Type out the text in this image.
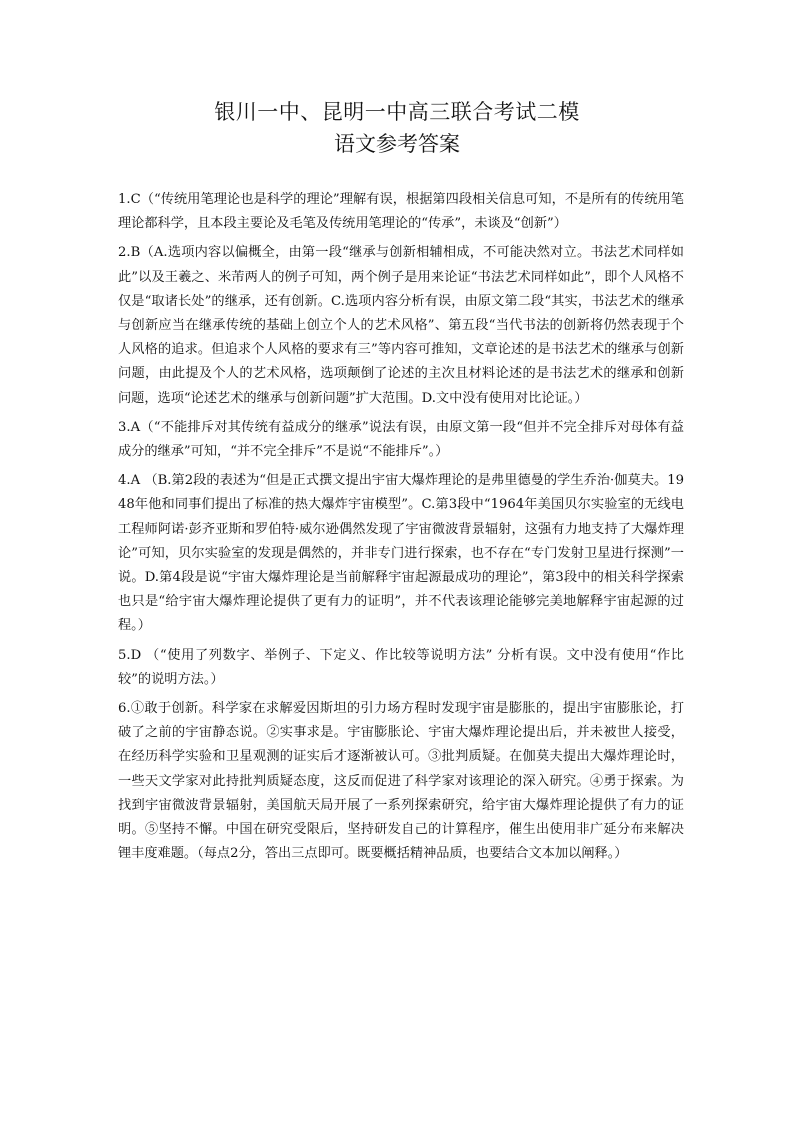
银川一中、昆明一中高三联合考试二模
语文参考答案

1.C（“传统用笔理论也是科学的理论”理解有误，根据第四段相关信息可知，不是所有的传统用笔理论都科学，且本段主要论及毛笔及传统用笔理论的“传承”，未谈及“创新”）

2.B（A.选项内容以偏概全，由第一段“继承与创新相辅相成，不可能决然对立。书法艺术同样如此”以及王羲之、米芾两人的例子可知，两个例子是用来论证“书法艺术同样如此”，即个人风格不仅是“取诸长处”的继承，还有创新。C.选项内容分析有误，由原文第二段“其实，书法艺术的继承与创新应当在继承传统的基础上创立个人的艺术风格”、第五段“当代书法的创新将仍然表现于个人风格的追求。但追求个人风格的要求有三”等内容可推知，文章论述的是书法艺术的继承与创新问题，由此提及个人的艺术风格，选项颠倒了论述的主次且材料论述的是书法艺术的继承和创新问题，选项“论述艺术的继承与创新问题”扩大范围。D.文中没有使用对比论证。）

3.A（“不能排斥对其传统有益成分的继承”说法有误，由原文第一段“但并不完全排斥对母体有益成分的继承”可知，“并不完全排斥”不是说“不能排斥”。）

4.A （B.第2段的表述为“但是正式撰文提出宇宙大爆炸理论的是弗里德曼的学生乔治·伽莫夫。1948年他和同事们提出了标准的热大爆炸宇宙模型”。C.第3段中“1964年美国贝尔实验室的无线电工程师阿诺·彭齐亚斯和罗伯特·威尔逊偶然发现了宇宙微波背景辐射，这强有力地支持了大爆炸理论”可知，贝尔实验室的发现是偶然的，并非专门进行探索，也不存在“专门发射卫星进行探测”一说。D.第4段是说“宇宙大爆炸理论是当前解释宇宙起源最成功的理论”，第3段中的相关科学探索也只是“给宇宙大爆炸理论提供了更有力的证明”，并不代表该理论能够完美地解释宇宙起源的过程。）

5.D （“使用了列数字、举例子、下定义、作比较等说明方法” 分析有误。文中没有使用“作比较”的说明方法。）

6.①敢于创新。科学家在求解爱因斯坦的引力场方程时发现宇宙是膨胀的，提出宇宙膨胀论，打破了之前的宇宙静态说。②实事求是。宇宙膨胀论、宇宙大爆炸理论提出后，并未被世人接受，在经历科学实验和卫星观测的证实后才逐渐被认可。③批判质疑。在伽莫夫提出大爆炸理论时，一些天文学家对此持批判质疑态度，这反而促进了科学家对该理论的深入研究。④勇于探索。为找到宇宙微波背景辐射，美国航天局开展了一系列探索研究，给宇宙大爆炸理论提供了有力的证明。⑤坚持不懈。中国在研究受限后，坚持研发自己的计算程序，催生出使用非广延分布来解决锂丰度难题。（每点2分，答出三点即可。既要概括精神品质，也要结合文本加以阐释。）
